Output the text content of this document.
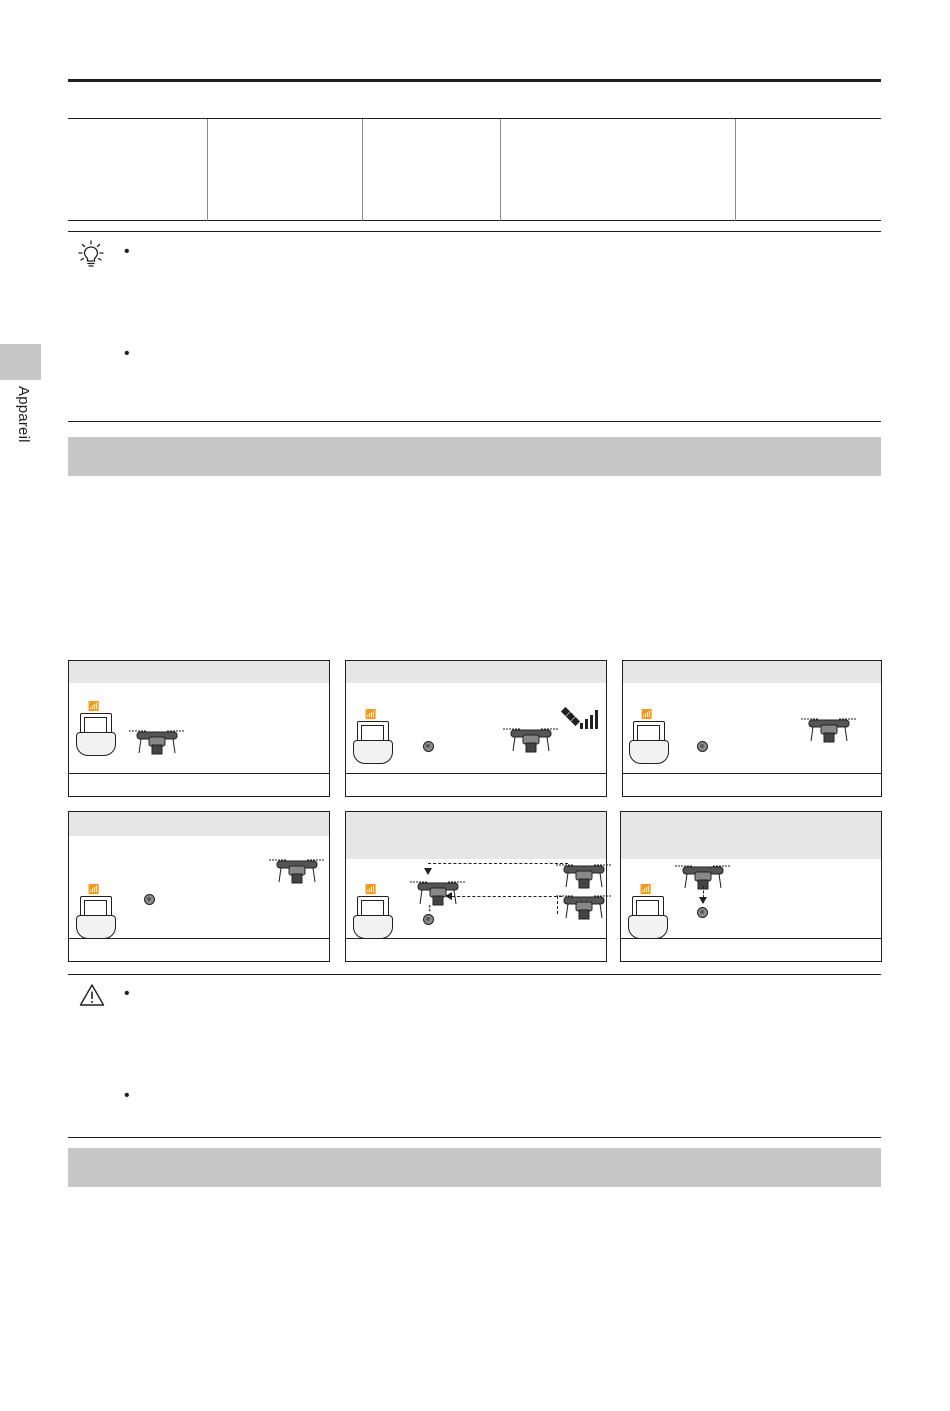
Appareil
•
•
📶
📶	📶
📶	📶
↕
📶
•
•
